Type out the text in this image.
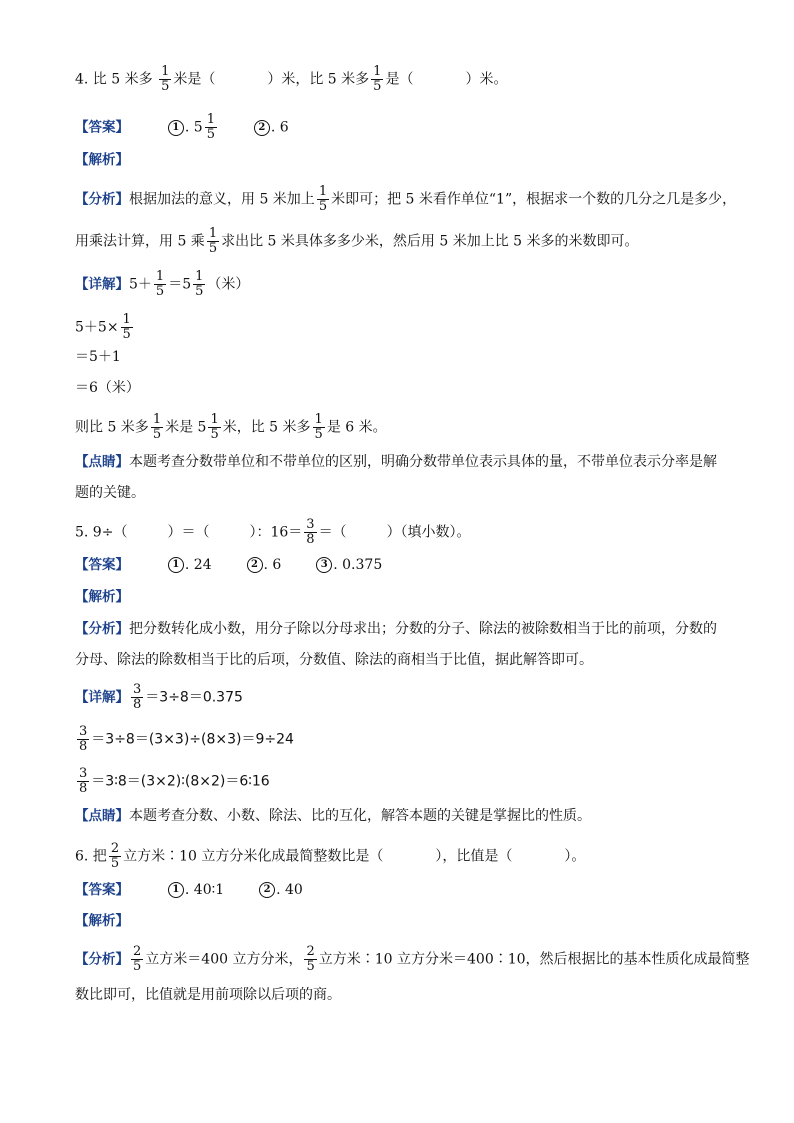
4. 比 5 米多 $\frac{1}{5}$ 米是（	）米，比 5 米多 $\frac{1}{5}$ 是（	）米。
【答案】	1 . $5 \frac{1}{5}$	2 . 6
【解析】
【分析】根据加法的意义，用 5 米加上 $\frac{1}{5}$ 米即可；把 5 米看作单位“1”，根据求一个数的几分之几是多少，
用乘法计算，用 5 乘 $\frac{1}{5}$ 求出比 5 米具体多多少米，然后用 5 米加上比 5 米多的米数即可。
【详解】$5+ \frac{1}{5} =5 \frac{1}{5}$ （米）
$5+5\times \frac{1}{5}$
＝5＋1
＝6（米）
则比 5 米多 $\frac{1}{5}$ 米是 $5 \frac{1}{5}$ 米，比 5 米多 $\frac{1}{5}$ 是 6 米。
【点睛】本题考查分数带单位和不带单位的区别，明确分数带单位表示具体的量，不带单位表示分率是解
题的关键。
5. 9÷（	）＝（	）：$16= \frac{3}{8}$ ＝（	）（填小数）。
【答案】	1 . 24	2 . 6	3 . 0.375
【解析】
【分析】把分数转化成小数，用分子除以分母求出；分数的分子、除法的被除数相当于比的前项，分数的
分母、除法的除数相当于比的后项，分数值、除法的商相当于比值，据此解答即可。
【详解】 $\frac{3}{8} =3\div 8=0.375$
$\frac{3}{8} =3\div 8=(3\times 3)\div(8\times 3)=9\div 24$
$\frac{3}{8}$ ＝3∶8＝(3×2)∶(8×2)＝6∶16
【点睛】本题考查分数、小数、除法、比的互化，解答本题的关键是掌握比的性质。
6. 把 $\frac{2}{5}$ 立方米∶10 立方分米化成最简整数比是（	），比值是（	）。
【答案】	1 . 40∶1	2 . 40
【解析】
【分析】 $\frac{2}{5}$ 立方米＝400 立方分米， $\frac{2}{5}$ 立方米∶10 立方分米＝400∶10，然后根据比的基本性质化成最简整
数比即可，比值就是用前项除以后项的商。
